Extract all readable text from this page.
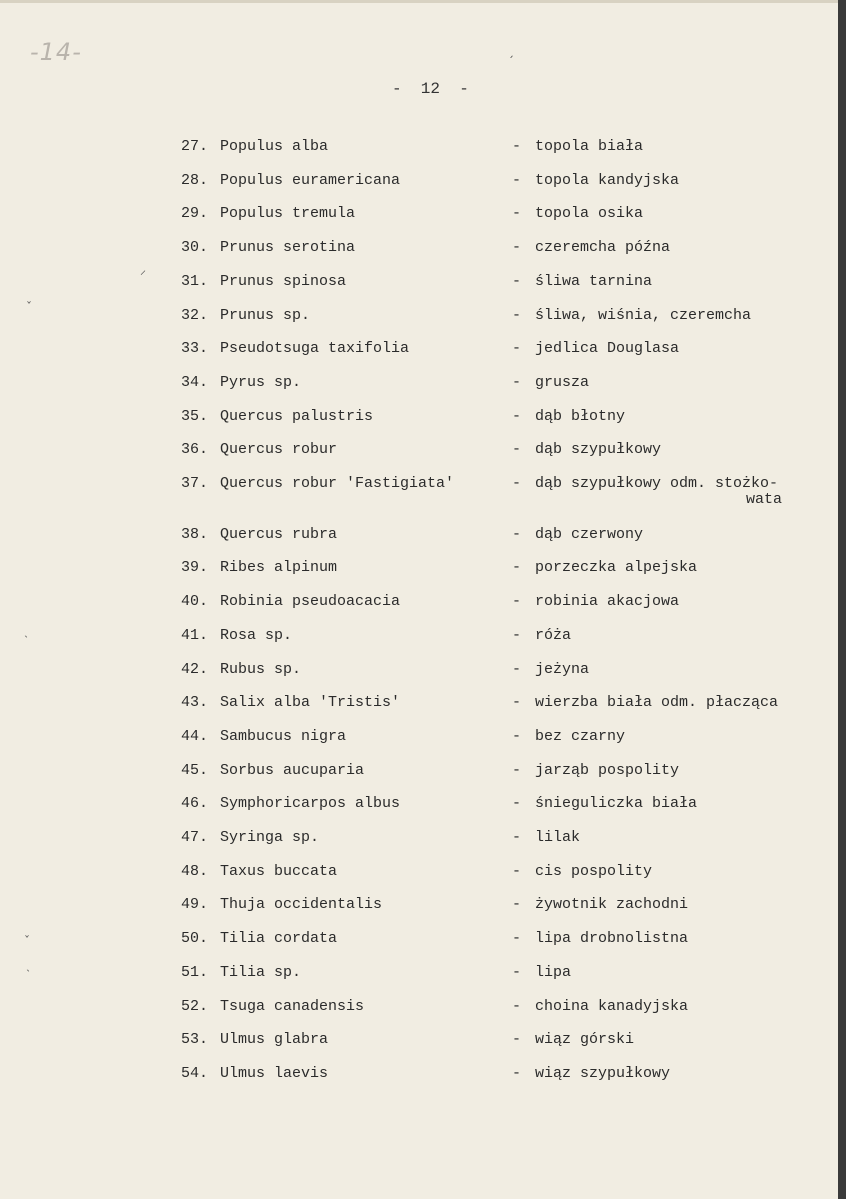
-14-
-  12  -
⸍
ˇ
˴
ˇ
˴
ˏ
27. Populus alba	- topola biała
28. Populus euramericana	- topola kandyjska
29. Populus tremula	- topola osika
30. Prunus serotina	- czeremcha późna
31. Prunus spinosa	- śliwa tarnina
32. Prunus sp.	- śliwa, wiśnia, czeremcha
33. Pseudotsuga taxifolia	- jedlica Douglasa
34. Pyrus sp.	- grusza
35. Quercus palustris	- dąb błotny
36. Quercus robur	- dąb szypułkowy
37. Quercus robur 'Fastigiata'	- dąb szypułkowy odm. stożko-
wata
38. Quercus rubra	- dąb czerwony
39. Ribes alpinum	- porzeczka alpejska
40. Robinia pseudoacacia	- robinia akacjowa
41. Rosa sp.	- róża
42. Rubus sp.	- jeżyna
43. Salix alba 'Tristis'	- wierzba biała odm. płacząca
44. Sambucus nigra	- bez czarny
45. Sorbus aucuparia	- jarząb pospolity
46. Symphoricarpos albus	- śnieguliczka biała
47. Syringa sp.	- lilak
48. Taxus buccata	- cis pospolity
49. Thuja occidentalis	- żywotnik zachodni
50. Tilia cordata	- lipa drobnolistna
51. Tilia sp.	- lipa
52. Tsuga canadensis	- choina kanadyjska
53. Ulmus glabra	- wiąz górski
54. Ulmus laevis	- wiąz szypułkowy
